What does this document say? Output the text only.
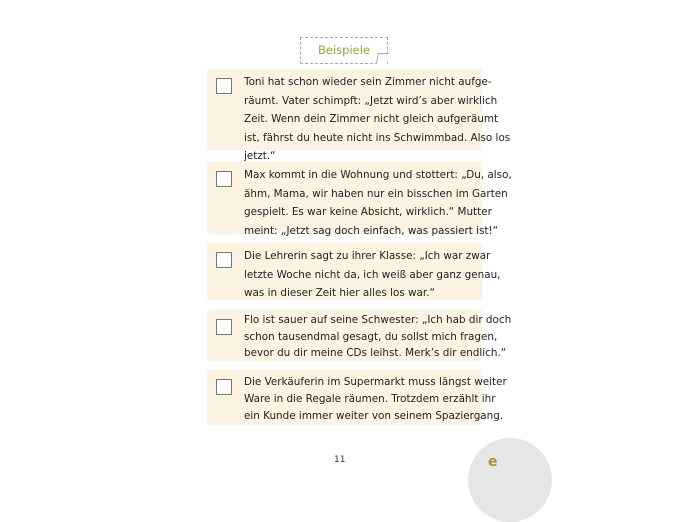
Beispiele
Toni hat schon wieder sein Zimmer nicht aufge-
räumt. Vater schimpft: „Jetzt wird’s aber wirklich
Zeit. Wenn dein Zimmer nicht gleich aufgeräumt
ist, fährst du heute nicht ins Schwimmbad. Also los
jetzt.“
Max kommt in die Wohnung und stottert: „Du, also,
ähm, Mama, wir haben nur ein bisschen im Garten
gespielt. Es war keine Absicht, wirklich.“ Mutter
meint: „Jetzt sag doch einfach, was passiert ist!“
Die Lehrerin sagt zu ihrer Klasse: „Ich war zwar
letzte Woche nicht da, ich weiß aber ganz genau,
was in dieser Zeit hier alles los war.“
Flo ist sauer auf seine Schwester: „Ich hab dir doch
schon tausendmal gesagt, du sollst mich fragen,
bevor du dir meine CDs leihst. Merk’s dir endlich.“
Die Verkäuferin im Supermarkt muss längst weiter
Ware in die Regale räumen. Trotzdem erzählt ihr
ein Kunde immer weiter von seinem Spaziergang.
11	e
